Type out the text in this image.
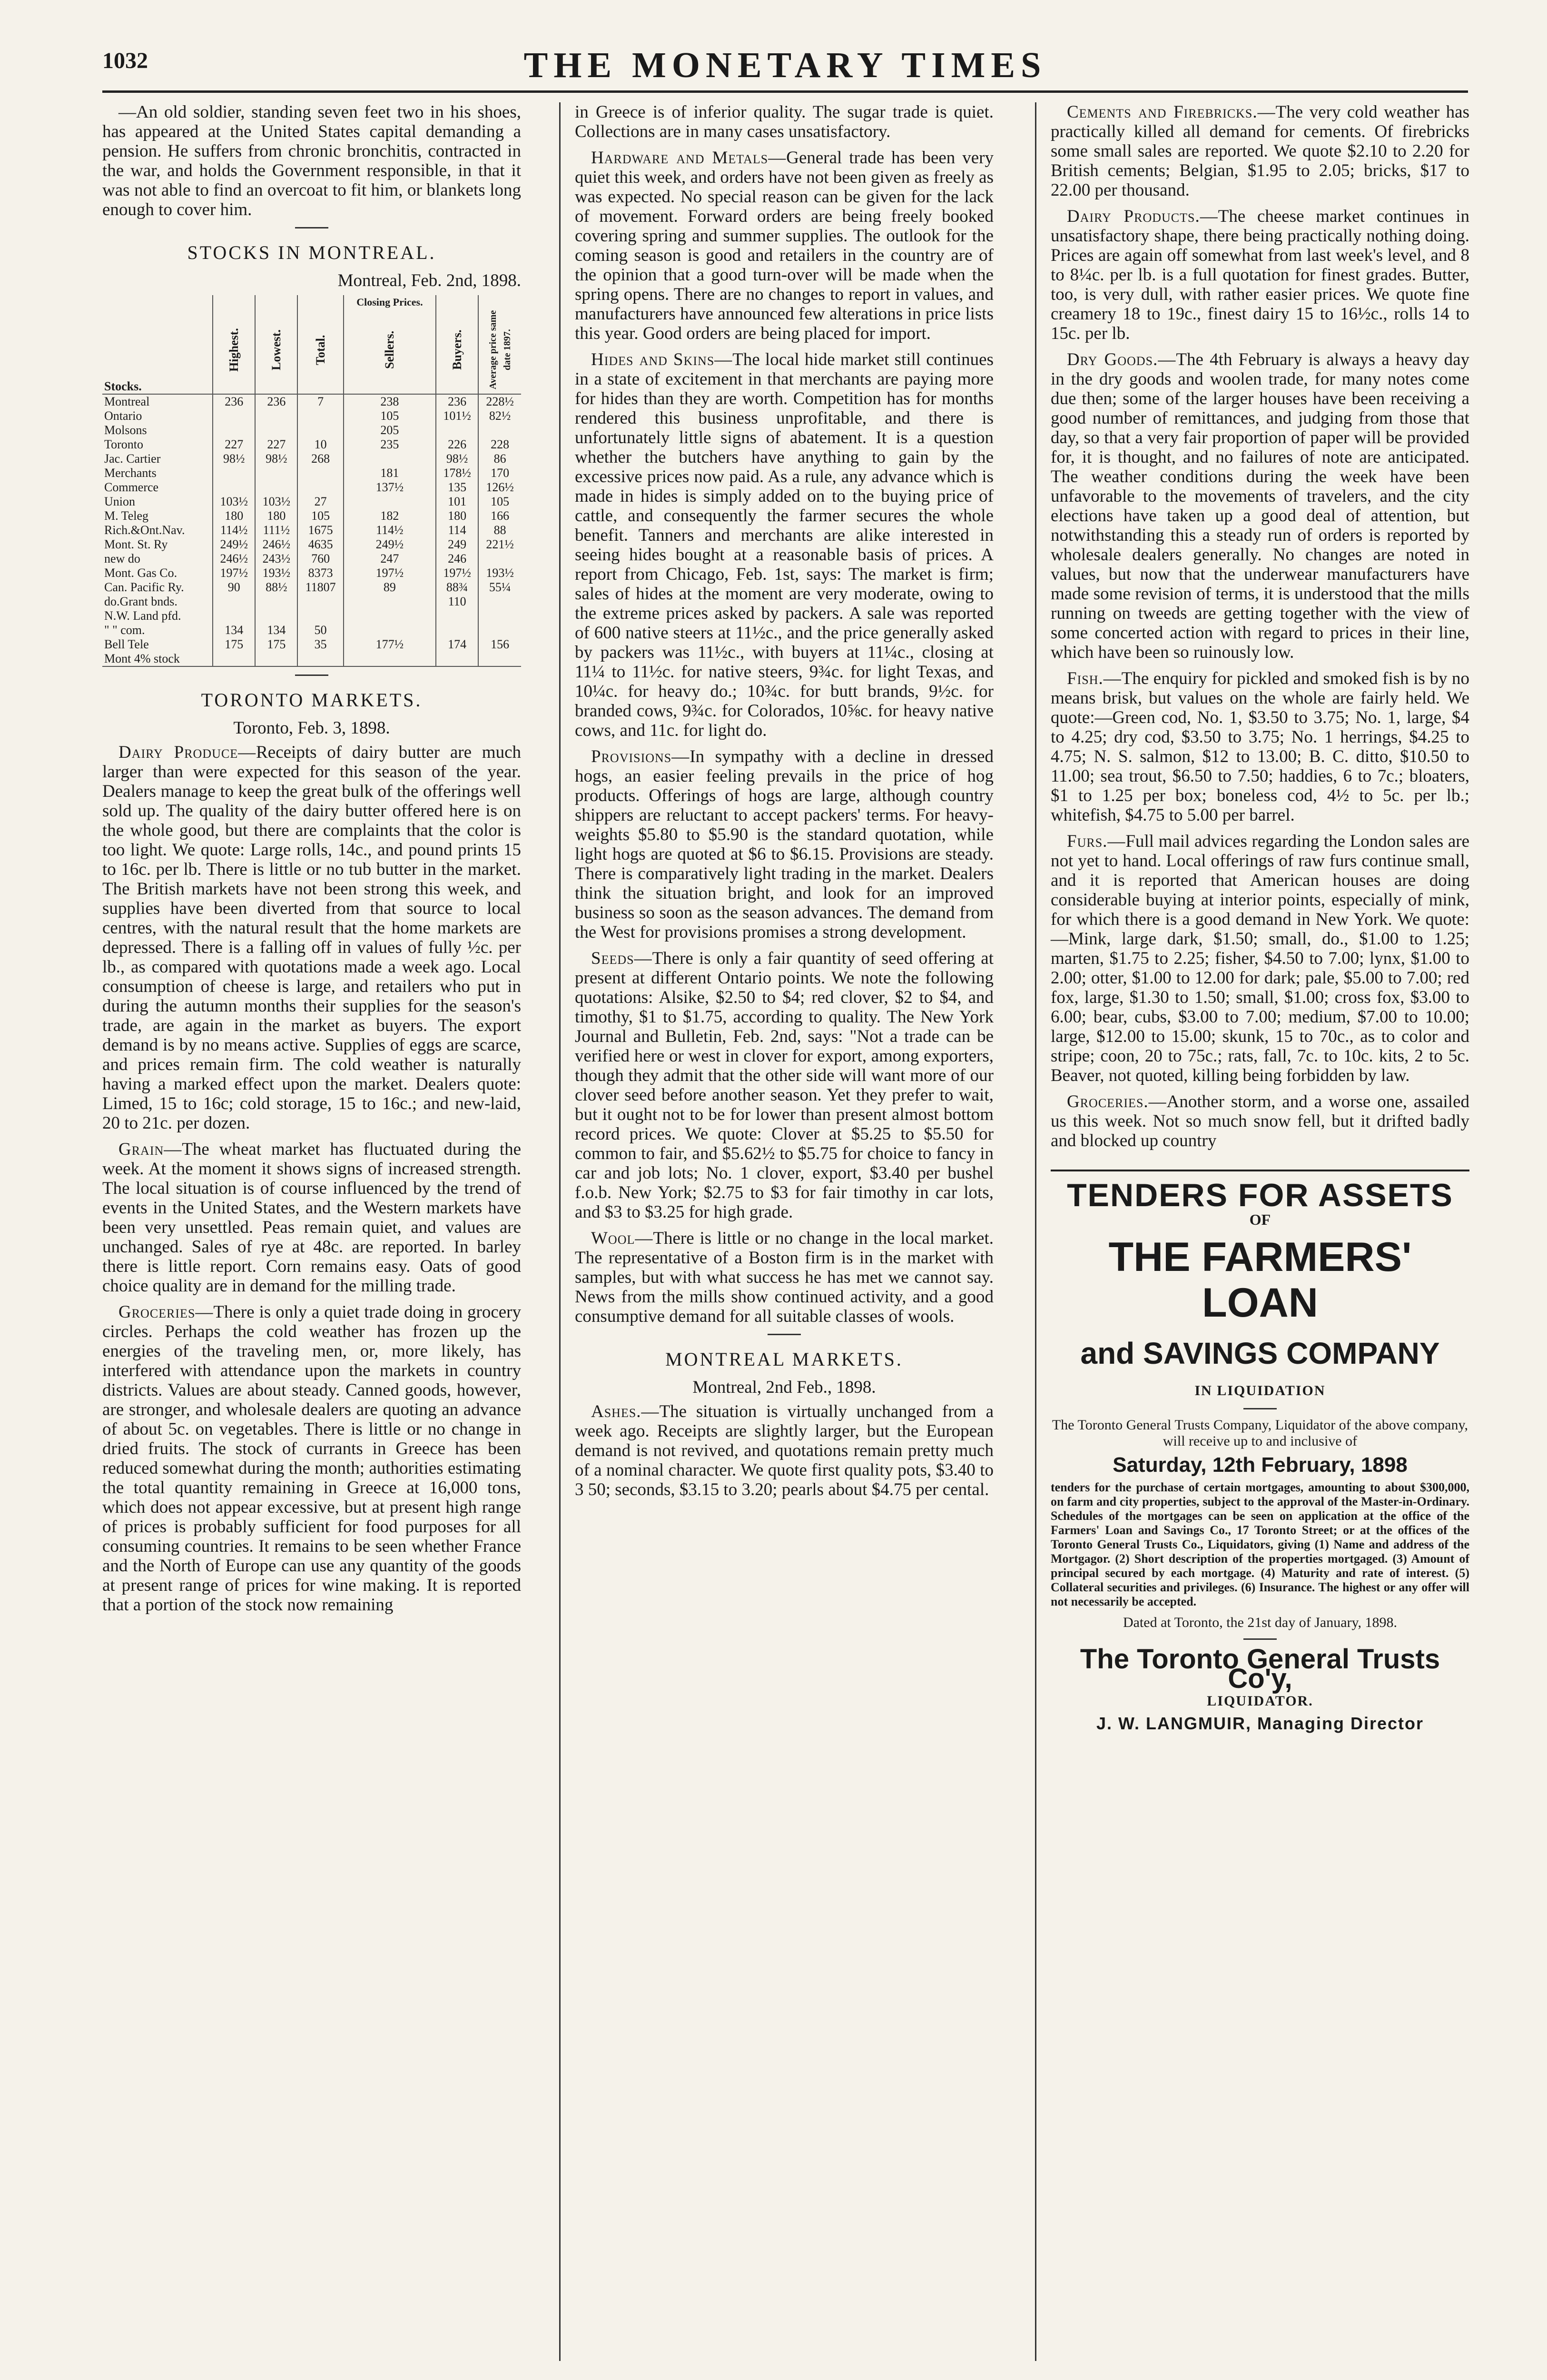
1032	THE MONETARY TIMES

—An old soldier, standing seven feet two in his shoes, has appeared at the United States capital demanding a pension. He suffers from chronic bronchitis, contracted in the war, and holds the Government responsible, in that it was not able to find an overcoat to fit him, or blankets long enough to cover him.

STOCKS IN MONTREAL.
Montreal, Feb. 2nd, 1898.
Stocks.	Highest.	Lowest.	Total.	Closing Prices.
Sellers.	Buyers.	Average price same date 1897.
Montreal	236	236	7	238	236	228½
Ontario				105	101½	82½
Molsons				205		
Toronto	227	227	10	235	226	228
Jac. Cartier	98½	98½	268		98½	86
Merchants				181	178½	170
Commerce				137½	135	126½
Union	103½	103½	27		101	105
M. Teleg	180	180	105	182	180	166
Rich.&Ont.Nav.	114½	111½	1675	114½	114	88
Mont. St. Ry	249½	246½	4635	249½	249	221½
new do	246½	243½	760	247	246	
Mont. Gas Co.	197½	193½	8373	197½	197½	193½
Can. Pacific Ry.	90	88½	11807	89	88¾	55¼
do.Grant bnds.					110	
N.W. Land pfd.						
" " com.	134	134	50			
Bell Tele	175	175	35	177½	174	156
Mont 4% stock						
TORONTO MARKETS.
Toronto, Feb. 3, 1898.

Dairy Produce—Receipts of dairy butter are much larger than were expected for this season of the year. Dealers manage to keep the great bulk of the offerings well sold up. The quality of the dairy butter offered here is on the whole good, but there are complaints that the color is too light. We quote: Large rolls, 14c., and pound prints 15 to 16c. per lb. There is little or no tub butter in the market. The British markets have not been strong this week, and supplies have been diverted from that source to local centres, with the natural result that the home markets are depressed. There is a falling off in values of fully ½c. per lb., as compared with quotations made a week ago. Local consumption of cheese is large, and retailers who put in during the autumn months their supplies for the season's trade, are again in the market as buyers. The export demand is by no means active. Supplies of eggs are scarce, and prices remain firm. The cold weather is naturally having a marked effect upon the market. Dealers quote: Limed, 15 to 16c; cold storage, 15 to 16c.; and new-laid, 20 to 21c. per dozen.

Grain—The wheat market has fluctuated during the week. At the moment it shows signs of increased strength. The local situation is of course influenced by the trend of events in the United States, and the Western markets have been very unsettled. Peas remain quiet, and values are unchanged. Sales of rye at 48c. are reported. In barley there is little report. Corn remains easy. Oats of good choice quality are in demand for the milling trade.

Groceries—There is only a quiet trade doing in grocery circles. Perhaps the cold weather has frozen up the energies of the traveling men, or, more likely, has interfered with attendance upon the markets in country districts. Values are about steady. Canned goods, however, are stronger, and wholesale dealers are quoting an advance of about 5c. on vegetables. There is little or no change in dried fruits. The stock of currants in Greece has been reduced somewhat during the month; authorities estimating the total quantity remaining in Greece at 16,000 tons, which does not appear excessive, but at present high range of prices is probably sufficient for food purposes for all consuming countries. It remains to be seen whether France and the North of Europe can use any quantity of the goods at present range of prices for wine making. It is reported that a portion of the stock now remaining

in Greece is of inferior quality. The sugar trade is quiet. Collections are in many cases unsatisfactory.

Hardware and Metals—General trade has been very quiet this week, and orders have not been given as freely as was expected. No special reason can be given for the lack of movement. Forward orders are being freely booked covering spring and summer supplies. The outlook for the coming season is good and retailers in the country are of the opinion that a good turn-over will be made when the spring opens. There are no changes to report in values, and manufacturers have announced few alterations in price lists this year. Good orders are being placed for import.

Hides and Skins—The local hide market still continues in a state of excitement in that merchants are paying more for hides than they are worth. Competition has for months rendered this business unprofitable, and there is unfortunately little signs of abatement. It is a question whether the butchers have anything to gain by the excessive prices now paid. As a rule, any advance which is made in hides is simply added on to the buying price of cattle, and consequently the farmer secures the whole benefit. Tanners and merchants are alike interested in seeing hides bought at a reasonable basis of prices. A report from Chicago, Feb. 1st, says: The market is firm; sales of hides at the moment are very moderate, owing to the extreme prices asked by packers. A sale was reported of 600 native steers at 11½c., and the price generally asked by packers was 11½c., with buyers at 11¼c., closing at 11¼ to 11½c. for native steers, 9¾c. for light Texas, and 10¼c. for heavy do.; 10¾c. for butt brands, 9½c. for branded cows, 9¾c. for Colorados, 10⅝c. for heavy native cows, and 11c. for light do.

Provisions—In sympathy with a decline in dressed hogs, an easier feeling prevails in the price of hog products. Offerings of hogs are large, although country shippers are reluctant to accept packers' terms. For heavy-weights $5.80 to $5.90 is the standard quotation, while light hogs are quoted at $6 to $6.15. Provisions are steady. There is comparatively light trading in the market. Dealers think the situation bright, and look for an improved business so soon as the season advances. The demand from the West for provisions promises a strong development.

Seeds—There is only a fair quantity of seed offering at present at different Ontario points. We note the following quotations: Alsike, $2.50 to $4; red clover, $2 to $4, and timothy, $1 to $1.75, according to quality. The New York Journal and Bulletin, Feb. 2nd, says: "Not a trade can be verified here or west in clover for export, among exporters, though they admit that the other side will want more of our clover seed before another season. Yet they prefer to wait, but it ought not to be for lower than present almost bottom record prices. We quote: Clover at $5.25 to $5.50 for common to fair, and $5.62½ to $5.75 for choice to fancy in car and job lots; No. 1 clover, export, $3.40 per bushel f.o.b. New York; $2.75 to $3 for fair timothy in car lots, and $3 to $3.25 for high grade.

Wool—There is little or no change in the local market. The representative of a Boston firm is in the market with samples, but with what success he has met we cannot say. News from the mills show continued activity, and a good consumptive demand for all suitable classes of wools.

MONTREAL MARKETS.
Montreal, 2nd Feb., 1898.

Ashes.—The situation is virtually unchanged from a week ago. Receipts are slightly larger, but the European demand is not revived, and quotations remain pretty much of a nominal character. We quote first quality pots, $3.40 to 3 50; seconds, $3.15 to 3.20; pearls about $4.75 per cental.

Cements and Firebricks.—The very cold weather has practically killed all demand for cements. Of firebricks some small sales are reported. We quote $2.10 to 2.20 for British cements; Belgian, $1.95 to 2.05; bricks, $17 to 22.00 per thousand.

Dairy Products.—The cheese market continues in unsatisfactory shape, there being practically nothing doing. Prices are again off somewhat from last week's level, and 8 to 8¼c. per lb. is a full quotation for finest grades. Butter, too, is very dull, with rather easier prices. We quote fine creamery 18 to 19c., finest dairy 15 to 16½c., rolls 14 to 15c. per lb.

Dry Goods.—The 4th February is always a heavy day in the dry goods and woolen trade, for many notes come due then; some of the larger houses have been receiving a good number of remittances, and judging from those that day, so that a very fair proportion of paper will be provided for, it is thought, and no failures of note are anticipated. The weather conditions during the week have been unfavorable to the movements of travelers, and the city elections have taken up a good deal of attention, but notwithstanding this a steady run of orders is reported by wholesale dealers generally. No changes are noted in values, but now that the underwear manufacturers have made some revision of terms, it is understood that the mills running on tweeds are getting together with the view of some concerted action with regard to prices in their line, which have been so ruinously low.

Fish.—The enquiry for pickled and smoked fish is by no means brisk, but values on the whole are fairly held. We quote:—Green cod, No. 1, $3.50 to 3.75; No. 1, large, $4 to 4.25; dry cod, $3.50 to 3.75; No. 1 herrings, $4.25 to 4.75; N. S. salmon, $12 to 13.00; B. C. ditto, $10.50 to 11.00; sea trout, $6.50 to 7.50; haddies, 6 to 7c.; bloaters, $1 to 1.25 per box; boneless cod, 4½ to 5c. per lb.; whitefish, $4.75 to 5.00 per barrel.

Furs.—Full mail advices regarding the London sales are not yet to hand. Local offerings of raw furs continue small, and it is reported that American houses are doing considerable buying at interior points, especially of mink, for which there is a good demand in New York. We quote:—Mink, large dark, $1.50; small, do., $1.00 to 1.25; marten, $1.75 to 2.25; fisher, $4.50 to 7.00; lynx, $1.00 to 2.00; otter, $1.00 to 12.00 for dark; pale, $5.00 to 7.00; red fox, large, $1.30 to 1.50; small, $1.00; cross fox, $3.00 to 6.00; bear, cubs, $3.00 to 7.00; medium, $7.00 to 10.00; large, $12.00 to 15.00; skunk, 15 to 70c., as to color and stripe; coon, 20 to 75c.; rats, fall, 7c. to 10c. kits, 2 to 5c. Beaver, not quoted, killing being forbidden by law.

Groceries.—Another storm, and a worse one, assailed us this week. Not so much snow fell, but it drifted badly and blocked up country

TENDERS FOR ASSETS
OF
THE FARMERS' LOAN
and SAVINGS COMPANY
IN LIQUIDATION
The Toronto General Trusts Company, Liquidator of the above company, will receive up to and inclusive of
Saturday, 12th February, 1898
tenders for the purchase of certain mortgages, amounting to about $300,000, on farm and city properties, subject to the approval of the Master-in-Ordinary. Schedules of the mortgages can be seen on application at the office of the Farmers' Loan and Savings Co., 17 Toronto Street; or at the offices of the Toronto General Trusts Co., Liquidators, giving (1) Name and address of the Mortgagor. (2) Short description of the properties mortgaged. (3) Amount of principal secured by each mortgage. (4) Maturity and rate of interest. (5) Collateral securities and privileges. (6) Insurance. The highest or any offer will not necessarily be accepted.
Dated at Toronto, the 21st day of January, 1898.
The Toronto General Trusts Co'y,
LIQUIDATOR.
J. W. LANGMUIR, Managing Director
